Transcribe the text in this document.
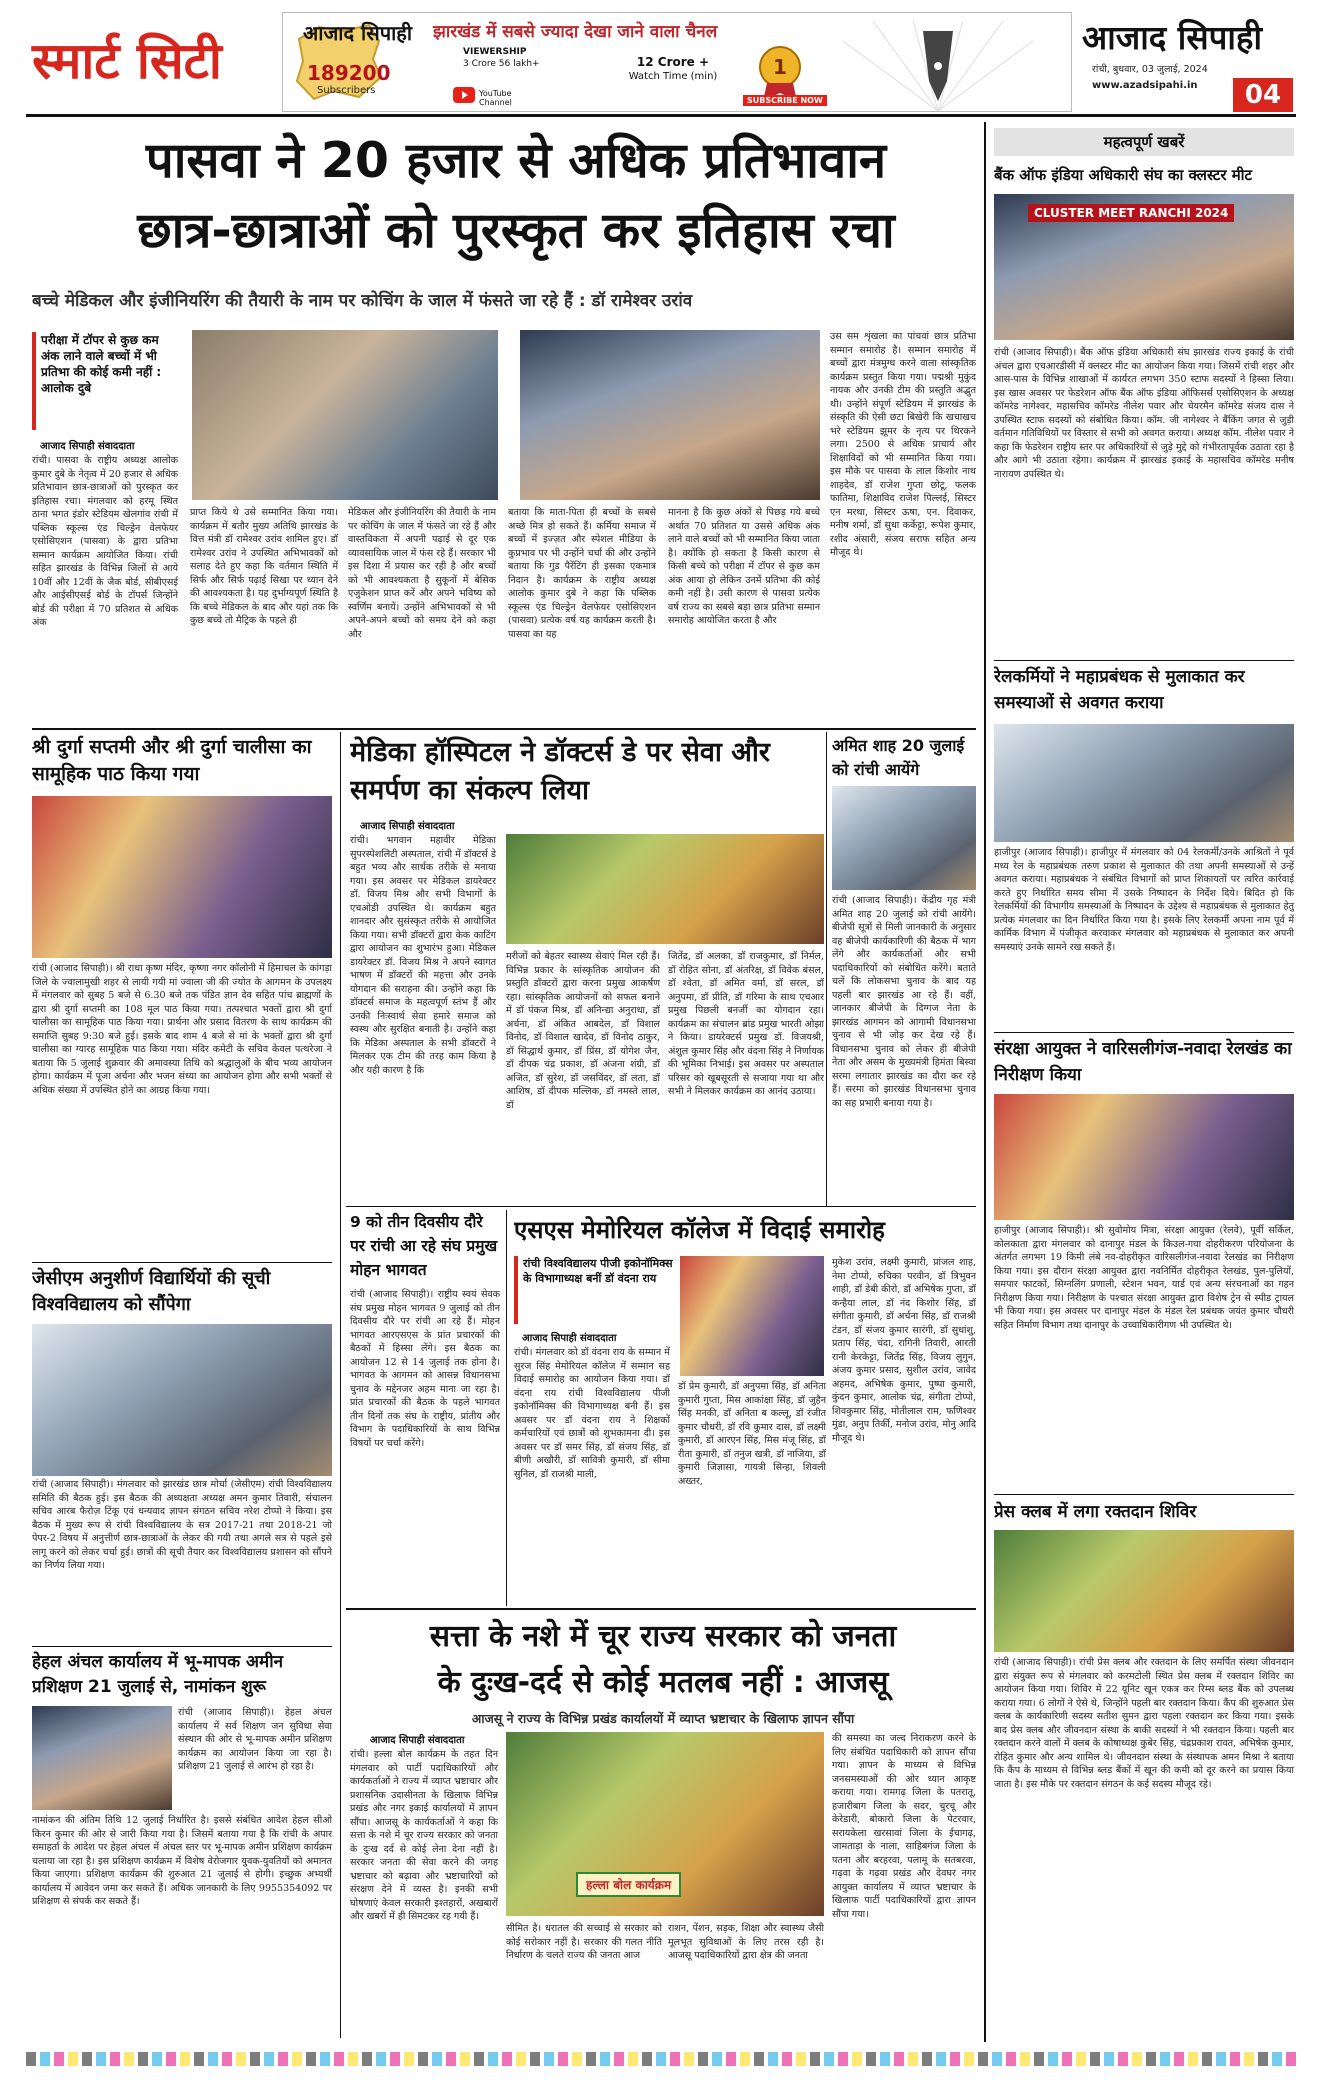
स्मार्ट सिटी	आजाद सिपाही
189200
Subscribers
झारखंड में सबसे ज्यादा देखा जाने वाला चैनल
VIEWERSHIP
3 Crore 56 lakh+	12 Crore +
Watch Time (min)
YouTube Channel
1
SUBSCRIBE NOW
आजाद सिपाही
रांची, बुधवार, 03 जुलाई, 2024
www.azadsipahi.in	04
पासवा ने 20 हजार से अधिक प्रतिभावान
छात्र-छात्राओं को पुरस्कृत कर इतिहास रचा
बच्चे मेडिकल और इंजीनियरिंग की तैयारी के नाम पर कोचिंग के जाल में फंसते जा रहे हैं : डॉ रामेश्वर उरांव
परीक्षा में टॉपर से कुछ कम अंक लाने वाले बच्चों में भी प्रतिभा की कोई कमी नहीं : आलोक दुबे
आजाद सिपाही संवाददाता
रांची। पासवा के राष्ट्रीय अध्यक्ष आलोक कुमार दुबे के नेतृत्व में 20 हजार से अधिक प्रतिभावान छात्र-छात्राओं को पुरस्कृत कर इतिहास रचा। मंगलवार को हरमू स्थित ठाना भगत इंडोर स्टेडियम खेलगांव रांची में पब्लिक स्कूल्स एंड चिल्ड्रेन वेलफेयर एसोसिएशन (पासवा) के द्वारा प्रतिभा सम्मान कार्यक्रम आयोजित किया। रांची सहित झारखंड के विभिन्न जिलों से आये 10वीं और 12वीं के जैक बोर्ड, सीबीएसई और आईसीएसई बोर्ड के टॉपर्स जिन्होंने बोर्ड की परीक्षा में 70 प्रतिशत से अधिक अंक
प्राप्त किये थे उसे सम्मानित किया गया। कार्यक्रम में बतौर मुख्य अतिथि झारखंड के वित्त मंत्री डॉ रामेश्वर उरांव शामिल हुए। डॉ रामेश्वर उरांव ने उपस्थित अभिभावकों को सलाह देते हुए कहा कि वर्तमान स्थिति में सिर्फ और सिर्फ पढ़ाई सिखा पर ध्यान देने की आवश्यकता है। यह दुर्भाग्यपूर्ण स्थिति है कि बच्चे मेडिकल के बाद और यहां तक कि कुछ बच्चे तो मैट्रिक के पहले ही
मेडिकल और इंजीनियरिंग की तैयारी के नाम पर कोचिंग के जाल में फंसते जा रहे हैं और वास्तविकता में अपनी पढ़ाई से दूर एक व्यावसायिक जाल में फंस रहे हैं। सरकार भी इस दिशा में प्रयास कर रही है और बच्चों को भी आवश्यकता है सुकूनों में बेसिक एजुकेशन प्राप्त करें और अपने भविष्य को स्वर्णिम बनायें। उन्होंने अभिभावकों से भी अपने-अपने बच्चों को समय देने को कहा और
बताया कि माता-पिता ही बच्चों के सबसे अच्छे मित्र हो सकते हैं। कर्मिया समाज में बच्चों में इज्ज़त और स्पेशल मीडिया के कुप्रभाव पर भी उन्होंने चर्चा की और उन्होंने बताया कि गुड पैरेंटिंग ही इसका एकमात्र निदान है। कार्यक्रम के राष्ट्रीय अध्यक्ष आलोक कुमार दुबे ने कहा कि पब्लिक स्कूल्स एंड चिल्ड्रेन वेलफेयर एसोसिएशन (पासवा) प्रत्येक वर्ष यह कार्यक्रम करती है। पासवा का यह
मानना है कि कुछ अंकों से पिछड़ गये बच्चे अर्थात 70 प्रतिशत या उससे अधिक अंक लाने वाले बच्चों को भी सम्मानित किया जाता है। क्योंकि हो सकता है किसी कारण से किसी बच्चे को परीक्षा में टॉपर से कुछ कम अंक आया हो लेकिन उनमें प्रतिभा की कोई कमी नहीं है। उसी कारण से पासवा प्रत्येक वर्ष राज्य का सबसे बड़ा छात्र प्रतिभा सम्मान समारोह आयोजित करता है और
उस सम शृंखला का पांचवां छात्र प्रतिभा सम्मान समारोह है। सम्मान समारोह में बच्चों द्वारा मंत्रमुग्ध करने वाला सांस्कृतिक कार्यक्रम प्रस्तुत किया गया। पद्मश्री मुकुंद नायक और उनकी टीम की प्रस्तुति अद्भुत थी। उन्होंने संपूर्ण स्टेडियम में झारखंड के संस्कृति की ऐसी छटा बिखेरी कि खचाखच भरे स्टेडियम झूमर के नृत्य पर थिरकने लगा। 2500 से अधिक प्राचार्य और शिक्षाविदों को भी सम्मानित किया गया। इस मौके पर पासवा के लाल किशोर नाथ शाहदेव, डॉ राजेश गुप्ता छोटू, फलक फातिमा, शिक्षाविद राजेश पिल्लई, सिस्टर एन मरथा, सिस्टर ऊषा, एन. दिवाकर, मनीष शर्मा, डॉ सुधा कर्केट्टा, रूपेश कुमार, रशीद अंसारी, संजय सराफ सहित अन्य मौजूद थे।
श्री दुर्गा सप्तमी और श्री दुर्गा चालीसा का सामूहिक पाठ किया गया
रांची (आजाद सिपाही)। श्री राधा कृष्ण मंदिर, कृष्णा नगर कॉलोनी में हिमाचल के कांगड़ा जिले के ज्वालामुखी शहर से लायी गयी मां ज्वाला जी की ज्योत के आगमन के उपलक्ष्य में मंगलवार को सुबह 5 बजे से 6.30 बजे तक पंडित ज्ञान देव सहित पांच ब्राह्मणों के द्वारा श्री दुर्गा सप्तमी का 108 मूल पाठ किया गया। तत्पश्चात भक्तों द्वारा श्री दुर्गा चालीसा का सामूहिक पाठ किया गया। प्रार्थना और प्रसाद वितरण के साथ कार्यक्रम की समाप्ति सुबह 9:30 बजे हुई। इसके बाद शाम 4 बजे से मां के भक्तों द्वारा श्री दुर्गा चालीसा का ग्यारह सामूहिक पाठ किया गया। मंदिर कमेटी के सचिव केवल पत्थरेजा ने बताया कि 5 जुलाई शुक्रवार की अमावस्या तिथि को श्रद्धालुओं के बीच भव्य आयोजन होगा। कार्यक्रम में पूजा अर्चना और भजन संध्या का आयोजन होगा और सभी भक्तों से अधिक संख्या में उपस्थित होने का आग्रह किया गया।
जेसीएम अनुशीर्ण विद्यार्थियों की सूची विश्वविद्यालय को सौंपेगा
रांची (आजाद सिपाही)। मंगलवार को झारखंड छात्र मोर्चा (जेसीएम) रांची विश्वविद्यालय समिति की बैठक हुई। इस बैठक की अध्यक्षता अध्यक्ष अमन कुमार तिवारी, संचालन सचिव आरब फैरोज़ टिंकू एवं धन्यवाद ज्ञापन संगठन सचिव नरेश टोप्पो ने किया। इस बैठक में मुख्य रूप से रांची विश्वविद्यालय के सत्र 2017-21 तथा 2018-21 जो पेपर-2 विषय में अनुत्तीर्ण छात्र-छात्राओं के लेकर की गयी तथा अगले सत्र से पहले इसे लागू करने को लेकर चर्चा हुई। छात्रों की सूची तैयार कर विश्वविद्यालय प्रशासन को सौंपने का निर्णय लिया गया।
हेहल अंचल कार्यालय में भू-मापक अमीन प्रशिक्षण 21 जुलाई से, नामांकन शुरू
रांची (आजाद सिपाही)। हेहल अंचल कार्यालय में सर्व शिक्षण जन सुविधा सेवा संस्थान की ओर से भू-मापक अमीन प्रशिक्षण कार्यक्रम का आयोजन किया जा रहा है। प्रशिक्षण 21 जुलाई से आरंभ हो रहा है।
नामांकन की अंतिम तिथि 12 जुलाई निर्धारित है। इससे संबंधित आदेश हेहल सीओ किरन कुमार की ओर से जारी किया गया है। जिसमें बताया गया है कि रांची के अपार समाहर्ता के आदेश पर हेहल अंचल में अंचल स्तर पर भू-मापक अमीन प्रशिक्षण कार्यक्रम चलाया जा रहा है। इस प्रशिक्षण कार्यक्रम में विशेष वेरोजगार युवक-युवतियों को अमानत किया जाएगा। प्रशिक्षण कार्यक्रम की शुरुआत 21 जुलाई से होगी। इच्छुक अभ्यर्थी कार्यालय में आवेदन जमा कर सकते हैं। अधिक जानकारी के लिए 9955354092 पर प्रशिक्षण से संपर्क कर सकते हैं।
मेडिका हॉस्पिटल ने डॉक्टर्स डे पर सेवा और समर्पण का संकल्प लिया
आजाद सिपाही संवाददाता
रांची। भगवान महावीर मेडिका सुपरस्पेशलिटी अस्पताल, रांची में डॉक्टर्स डे बहुत भव्य और सार्थक तरीके से मनाया गया। इस अवसर पर मेडिकल डायरेक्टर डॉ. विजय मिश्र और सभी विभागों के एचओडी उपस्थित थे। कार्यक्रम बहुत शानदार और सुसंस्कृत तरीके से आयोजित किया गया। सभी डॉक्टरों द्वारा केक काटिंग द्वारा आयोजन का शुभारंभ हुआ। मेडिकल डायरेक्टर डॉ. विजय मिश्र ने अपने स्वागत भाषण में डॉक्टरों की महत्ता और उनके योगदान की सराहना की। उन्होंने कहा कि डॉक्टर्स समाज के महत्वपूर्ण स्तंभ हैं और उनकी निःस्वार्थ सेवा हमारे समाज को स्वस्थ और सुरक्षित बनाती है। उन्होंने कहा कि मेडिका अस्पताल के सभी डॉक्टरों ने मिलकर एक टीम की तरह काम किया है और यही कारण है कि
मरीजों को बेहतर स्वास्थ्य सेवाएं मिल रही हैं। विभिन्न प्रकार के सांस्कृतिक आयोजन की प्रस्तुति डॉक्टरों द्वारा करना प्रमुख आकर्षण रहा। सांस्कृतिक आयोजनों को सफल बनाने में डॉ पंकज मिश्र, डॉ अनिन्द्या अनुराधा, डॉ अर्चना, डॉ अंकित आबदेल, डॉ विशाल विनोद, डॉ विशाल खादेव, डॉ विनोद ठाकुर, डॉ सिद्धार्थ कुमार, डॉ प्रिंस, डॉ योगेश जैन, डॉ दीपक चंद्र प्रकाश, डॉ अंजना शंग्री, डॉ अजित, डॉ सुरेश, डॉ जसविंदर, डॉ लता, डॉ आशिष, डॉ दीपक मल्लिक, डॉ नमस्ते लाल, डॉ
जितेंद्र, डॉ अलका, डॉ राजकुमार, डॉ निर्मल, डॉ रोहित सोना, डॉ अंतरिक्ष, डॉ विवेक बंसल, डॉ श्वेता, डॉ अमित वर्मा, डॉ सरल, डॉ अनुपमा, डॉ प्रीति, डॉ गरिमा के साथ एचआर प्रमुख पिछली बनर्जी का योगदान रहा। कार्यक्रम का संचालन ब्रांड प्रमुख भारती ओझा ने किया। डायरेक्टर्स प्रमुख डॉ. विजयश्री, अंशुल कुमार सिंह और वंदना सिंह ने निर्णायक की भूमिका निभाई। इस अवसर पर अस्पताल परिसर को खूबसूरती से सजाया गया था और सभी ने मिलकर कार्यक्रम का आनंद उठाया।
अमित शाह 20 जुलाई को रांची आयेंगे
रांची (आजाद सिपाही)। केंद्रीय गृह मंत्री अमित शाह 20 जुलाई को रांची आयेंगे। बीजेपी सूत्रों से मिली जानकारी के अनुसार वह बीजेपी कार्यकारिणी की बैठक में भाग लेंगे और कार्यकर्ताओं और सभी पदाधिकारियों को संबोधित करेंगे। बताते चलें कि लोकसभा चुनाव के बाद यह पहली बार झारखंड आ रहे हैं। वहीं, जानकार बीजेपी के दिग्गज नेता के झारखंड आगमन को आगामी विधानसभा चुनाव से भी जोड़ कर देख रहे हैं। विधानसभा चुनाव को लेकर ही बीजेपी नेता और असम के मुख्यमंत्री हिमंता बिस्वा सरमा लगातार झारखंड का दौरा कर रहे हैं। सरमा को झारखंड विधानसभा चुनाव का सह प्रभारी बनाया गया है।
9 को तीन दिवसीय दौरे पर रांची आ रहे संघ प्रमुख मोहन भागवत
रांची (आजाद सिपाही)। राष्ट्रीय स्वयं सेवक संघ प्रमुख मोहन भागवत 9 जुलाई को तीन दिवसीय दौरे पर रांची आ रहे हैं। मोहन भागवत आरएसएस के प्रांत प्रचारकों की बैठकों में हिस्सा लेंगे। इस बैठक का आयोजन 12 से 14 जुलाई तक होना है। भागवत के आगमन को आसन्न विधानसभा चुनाव के मद्देनजर अहम माना जा रहा है। प्रांत प्रचारकों की बैठक के पहले भागवत तीन दिनों तक संघ के राष्ट्रीय, प्रांतीय और विभाग के पदाधिकारियों के साथ विभिन्न विषयों पर चर्चा करेंगे।
एसएस मेमोरियल कॉलेज में विदाई समारोह
रांची विश्वविद्यालय पीजी इकोनॉमिक्स के विभागाध्यक्ष बनीं डॉ वंदना राय
आजाद सिपाही संवाददाता
रांची। मंगलवार को डॉ वंदना राय के सम्मान में सुरज सिंह मेमोरियल कॉलेज में सम्मान सह विदाई समारोह का आयोजन किया गया। डॉ वंदना राय रांची विश्वविद्यालय पीजी इकोनॉमिक्स की विभागाध्यक्ष बनी हैं। इस अवसर पर डॉ वंदना राय ने शिक्षकों कर्मचारियों एवं छात्रों को शुभकामना दी। इस अवसर पर डॉ समर सिंह, डॉ संजय सिंह, डॉ बीणी अखौरी, डॉ सावित्री कुमारी, डॉ सीमा सुनिल, डॉ राजश्री माली,
डॉ प्रेम कुमारी, डॉ अनुपमा सिंह, डॉ अनिता कुमारी गुप्ता, मिस आकांक्षा सिंह, डॉ जुहैन सिंह मनकी, डॉ अनिता ब कल्लू, डॉ रंजीत कुमार चौधरी, डॉ रवि कुमार दास, डॉ लक्ष्मी कुमारी, डॉ आरएन सिंह, मिस मंजू सिंह, डॉ रीता कुमारी, डॉ तनुज खत्री, डॉ नाजिया, डॉ कुमारी जिज्ञासा, गायत्री सिन्हा, शिवली अख्तर,
मुकेश उरांव, लक्ष्मी कुमारी, प्रांजल शाह, नेमा टोप्पो, रुचिका परवीन, डॉ त्रिभुवन शाही, डॉ डेबी कीरो, डॉ अभिषेक गुप्ता, डॉ कन्हैया लाल, डॉ नंद किशोर सिंह, डॉ संगीता कुमारी, डॉ अर्चना सिंह, डॉ राजश्री टंडन, डॉ संजय कुमार सारंगी, डॉ सुधांशु, प्रताप सिंह, चंदा, रागिनी तिवारी, आरती रानी केरकेट्टा, जितेंद्र सिंह, विजय लुगुन, अंजय कुमार प्रसाद, सुशील उरांव, जावेद अहमद, अभिषेक कुमार, पुष्पा कुमारी, कुंदन कुमार, आलोक चंद्र, संगीता टोप्पो, शिवकुमार सिंह, मोतीलाल राम, फणिश्वर मुंडा, अनुप तिर्की, मनोज उरांव, मोनु आदि मौजूद थे।
सत्ता के नशे में चूर राज्य सरकार को जनता
के दुःख-दर्द से कोई मतलब नहीं : आजसू
आजसू ने राज्य के विभिन्न प्रखंड कार्यालयों में व्याप्त भ्रष्टाचार के खिलाफ ज्ञापन सौंपा
आजाद सिपाही संवाददाता
रांची। हल्ला बोल कार्यक्रम के तहत दिन मंगलवार को पार्टी पदाधिकारियों और कार्यकर्ताओं ने राज्य में व्याप्त भ्रष्टाचार और प्रशासनिक उदासीनता के खिलाफ विभिन्न प्रखंड और नगर इकाई कार्यालयों में ज्ञापन सौंपा। आजसू के कार्यकर्ताओं ने कहा कि सत्ता के नशे में चूर राज्य सरकार को जनता के दुःख दर्द से कोई लेना देना नहीं है। सरकार जनता की सेवा करने की जगह भ्रष्टाचार को बढ़ावा और भ्रष्टाचारियों को संरक्षण देने में व्यस्त है। इनकी सभी घोषणाएं केवल सरकारी इश्तहारों, अखबारों और खबरों में ही सिमटकर रह गयी हैं।
हल्ला बोल कार्यक्रम
सीमित है। धरातल की सच्चाई से सरकार को कोई सरोकार नहीं है। सरकार की गलत नीति निर्धारण के चलते राज्य की जनता आज
राशन, पेंशन, सड़क, शिक्षा और स्वास्थ्य जैसी मूलभूत सुविधाओं के लिए तरस रही है। आजसू पदाधिकारियों द्वारा क्षेत्र की जनता
की समस्या का जल्द निराकरण करने के लिए संबंधित पदाधिकारी को ज्ञापन सौंपा गया। ज्ञापन के माध्यम से विभिन्न जनसमस्याओं की ओर ध्यान आकृष्ट कराया गया। रामगढ़ जिला के पतरातू, हजारीबाग जिला के सदर, चुरचू और केरेडारी, बोकारो जिला के पेटरवार, सरायकेला खरसावां जिला के ईचागढ़, जामताड़ा के नाला, साहिबगंज जिला के पतना और बरहरवा, पलामू के सतबरवा, गढ़वा के गढ़वा प्रखंड और देवघर नगर आयुक्त कार्यालय में व्याप्त भ्रष्टाचार के खिलाफ पार्टी पदाधिकारियों द्वारा ज्ञापन सौंपा गया।
महत्वपूर्ण खबरें
बैंक ऑफ इंडिया अधिकारी संघ का क्लस्टर मीट
CLUSTER MEET RANCHI 2024
रांची (आजाद सिपाही)। बैंक ऑफ इंडिया अधिकारी संघ झारखंड राज्य इकाई के रांची अंचल द्वारा एचआरडीसी में क्लस्टर मीट का आयोजन किया गया। जिसमें रांची शहर और आस-पास के विभिन्न शाखाओं में कार्यरत लगभग 350 स्टाफ सदस्यों ने हिस्सा लिया। इस खास अवसर पर फेडरेशन ऑफ बैंक ऑफ इंडिया ऑफिसर्स एसोसिएशन के अध्यक्ष कॉमरेड नागेश्वर, महासचिव कॉमरेड नीलेश पवार और चेयरमैन कॉमरेड संजय दास ने उपस्थित स्टाफ सदस्यों को संबोधित किया। कॉम. जी नागेश्वर ने बैंकिंग जगत से जुड़ी वर्तमान गतिविधियों पर विस्तार से सभी को अवगत कराया। अध्यक्ष कॉम. नीलेश पवार ने कहा कि फेडरेशन राष्ट्रीय स्तर पर अधिकारियों से जुड़े मुद्दे को गंभीरतापूर्वक उठाता रहा है और आगे भी उठाता रहेगा। कार्यक्रम में झारखंड इकाई के महासचिव कॉमरेड मनीष नारायण उपस्थित थे।
रेलकर्मियों ने महाप्रबंधक से मुलाकात कर समस्याओं से अवगत कराया
हाजीपुर (आजाद सिपाही)। हाजीपुर में मंगलवार को 04 रेलकर्मी/उनके आश्रितों ने पूर्व मध्य रेल के महाप्रबंधक तरुण प्रकाश से मुलाकात की तथा अपनी समस्याओं से उन्हें अवगत कराया। महाप्रबंधक ने संबंधित विभागों को प्राप्त शिकायतों पर त्वरित कार्रवाई करते हुए निर्धारित समय सीमा में उसके निष्पादन के निर्देश दिये। बिदित हो कि रेलकर्मियों की विभागीय समस्याओं के निष्पादन के उद्देश्य से महाप्रबंधक से मुलाकात हेतु प्रत्येक मंगलवार का दिन निर्धारित किया गया है। इसके लिए रेलकर्मी अपना नाम पूर्व में कार्मिक विभाग में पंजीकृत करवाकर मंगलवार को महाप्रबंधक से मुलाकात कर अपनी समस्याएं उनके सामने रख सकते हैं।
संरक्षा आयुक्त ने वारिसलीगंज-नवादा रेलखंड का निरीक्षण किया
हाजीपुर (आजाद सिपाही)। श्री सुवोमोय मित्रा, संरक्षा आयुक्त (रेलवे), पूर्वी सर्किल, कोलकाता द्वारा मंगलवार को दानापुर मंडल के किउल-गया दोहरीकरण परियोजना के अंतर्गत लगभग 19 किमी लंबे नव-दोहरीकृत वारिसलीगंज-नवादा रेलखंड का निरीक्षण किया गया। इस दौरान संरक्षा आयुक्त द्वारा नवनिर्मित दोहरीकृत रेलखंड, पुल-पुलियों, समपार फाटकों, सिग्नलिंग प्रणाली, स्टेशन भवन, यार्ड एवं अन्य संरचनाओं का गहन निरीक्षण किया गया। निरीक्षण के पश्चात संरक्षा आयुक्त द्वारा विशेष ट्रेन से स्पीड ट्रायल भी किया गया। इस अवसर पर दानापुर मंडल के मंडल रेल प्रबंधक जयंत कुमार चौधरी सहित निर्माण विभाग तथा दानापुर के उच्चाधिकारीगण भी उपस्थित थे।
प्रेस क्लब में लगा रक्तदान शिविर
रांची (आजाद सिपाही)। रांची प्रेस क्लब और रक्तदान के लिए समर्पित संस्था जीवनदान द्वारा संयुक्त रूप से मंगलवार को करमटोली स्थित प्रेस क्लब में रक्तदान शिविर का आयोजन किया गया। शिविर में 22 यूनिट खून एकत्र कर रिम्स ब्लड बैंक को उपलब्ध कराया गया। 6 लोगों ने ऐसे थे, जिन्होंने पहली बार रक्तदान किया। कैंप की शुरुआत प्रेस क्लब के कार्यकारिणी सदस्य सतीश सुमन द्वारा पहला रक्तदान कर किया गया। इसके बाद प्रेस क्लब और जीवनदान संस्था के बाकी सदस्यों ने भी रक्तदान किया। पहली बार रक्तदान करने वालों में क्लब के कोषाध्यक्ष कुबेर सिंह, चंद्रप्रकाश रावत, अभिषेक कुमार, रोहित कुमार और अन्य शामिल थे। जीवनदान संस्था के संस्थापक अमन मिश्रा ने बताया कि कैंप के माध्यम से विभिन्न ब्लड बैंकों में खून की कमी को दूर करने का प्रयास किया जाता है। इस मौके पर रक्तदान संगठन के कई सदस्य मौजूद रहे।
